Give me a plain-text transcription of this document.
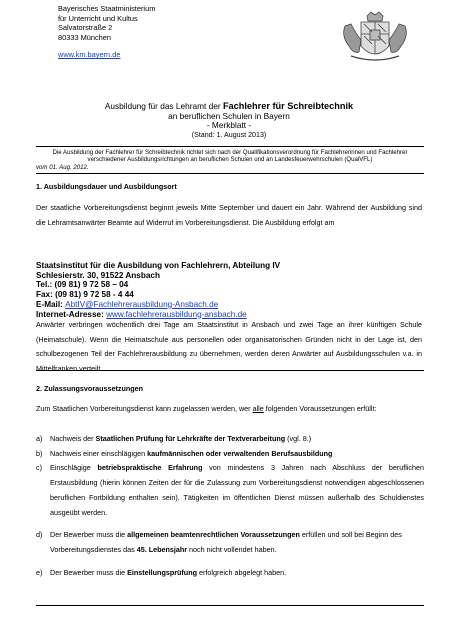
Bayerisches Staatministerium
für Unterricht und Kultus
Salvatorstraße 2
80333 München
www.km.bayern.de
Ausbildung für das Lehramt der Fachlehrer für Schreibtechnik
an beruflichen Schulen in Bayern
- Merkblatt -
(Stand: 1. August 2013)
Die Ausbildung der Fachlehrer für Schreibtechnik richtet sich nach der Qualifikationsverordnung für Fachlehrerinnen und Fachlehrer verschiedener Ausbildungsrichtungen an beruflichen Schulen und an Landesfeuerwehrschulen (QualVFL)
vom 01. Aug. 2012.
1. Ausbildungsdauer und Ausbildungsort
Der staatliche Vorbereitungsdienst beginnt jeweils Mitte September und dauert ein Jahr. Während der Ausbildung sind die Lehramtsanwärter Beamte auf Widerruf im Vorbereitungsdienst. Die Ausbildung erfolgt am
Staatsinstitut für die Ausbildung von Fachlehrern, Abteilung IV
Schlesierstr. 30, 91522 Ansbach
Tel.: (09 81) 9 72 58 – 04
Fax: (09 81) 9 72 58 - 4 44
E-Mail: AbtIV@Fachlehrerausbildung-Ansbach.de
Internet-Adresse: www.fachlehrerausbildung-ansbach.de
Anwärter verbringen wöchentlich drei Tage am Staatsinstitut in Ansbach und zwei Tage an ihrer künftigen Schule (Heimatschule). Wenn die Heimatschule aus personellen oder organisatorischen Gründen nicht in der Lage ist, den schulbezogenen Teil der Fachlehrerausbildung zu übernehmen, werden deren Anwärter auf Ausbildungsschulen v.a. in Mittelfranken verteilt.
2. Zulassungsvoraussetzungen
Zum Staatlichen Vorbereitungsdienst kann zugelassen werden, wer alle folgenden Voraussetzungen erfüllt:
a) Nachweis der Staatlichen Prüfung für Lehrkräfte der Textverarbeitung (vgl. 8.)
b) Nachweis einer einschlägigen kaufmännischen oder verwaltenden Berufsausbildung
c) Einschlägige betriebspraktische Erfahrung von mindestens 3 Jahren nach Abschluss der beruflichen Erstausbildung (hierin können Zeiten der für die Zulassung zum Vorbereitungsdienst notwendigen abgeschlossenen beruflichen Fortbildung enthalten sein). Tätigkeiten im öffentlichen Dienst müssen außerhalb des Schuldienstes ausgeübt werden.
d) Der Bewerber muss die allgemeinen beamtenrechtlichen Voraussetzungen erfüllen und soll bei Beginn des Vorbereitungsdienstes das 45. Lebensjahr noch nicht vollendet haben.
e) Der Bewerber muss die Einstellungsprüfung erfolgreich abgelegt haben.
